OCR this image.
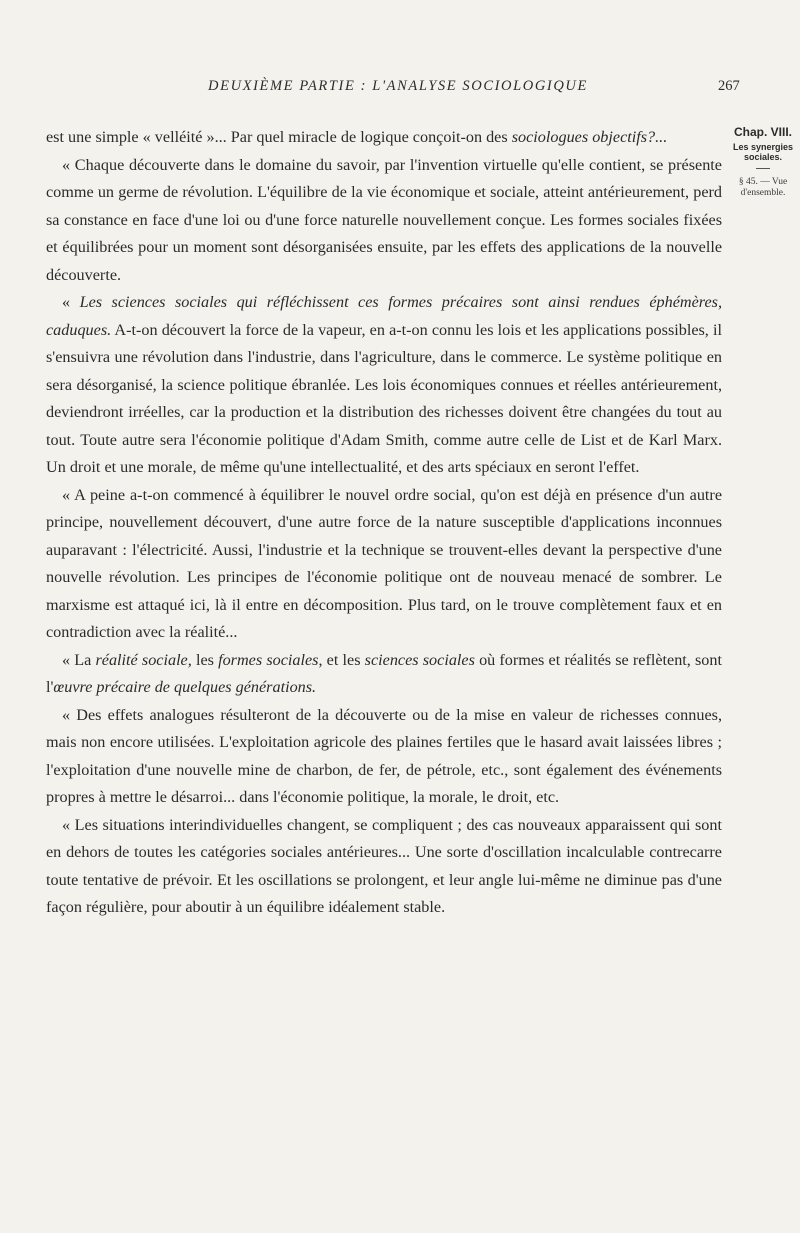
DEUXIÈME PARTIE : L'ANALYSE SOCIOLOGIQUE	267

est une simple « velléité »... Par quel miracle de logique conçoit-on des sociologues objectifs?...

« Chaque découverte dans le domaine du savoir, par l'invention virtuelle qu'elle contient, se présente comme un germe de révolution. L'équilibre de la vie économique et sociale, atteint antérieurement, perd sa constance en face d'une loi ou d'une force naturelle nouvellement conçue. Les formes sociales fixées et équilibrées pour un moment sont désorganisées ensuite, par les effets des applications de la nouvelle découverte.

« Les sciences sociales qui réfléchissent ces formes précaires sont ainsi rendues éphémères, caduques. A-t-on découvert la force de la vapeur, en a-t-on connu les lois et les applications possibles, il s'ensuivra une révolution dans l'industrie, dans l'agriculture, dans le commerce. Le système politique en sera désorganisé, la science politique ébranlée. Les lois économiques connues et réelles antérieurement, deviendront irréelles, car la production et la distribution des richesses doivent être changées du tout au tout. Toute autre sera l'économie politique d'Adam Smith, comme autre celle de List et de Karl Marx. Un droit et une morale, de même qu'une intellectualité, et des arts spéciaux en seront l'effet.

« A peine a-t-on commencé à équilibrer le nouvel ordre social, qu'on est déjà en présence d'un autre principe, nouvellement découvert, d'une autre force de la nature susceptible d'applications inconnues auparavant : l'électricité. Aussi, l'industrie et la technique se trouvent-elles devant la perspective d'une nouvelle révolution. Les principes de l'économie politique ont de nouveau menacé de sombrer. Le marxisme est attaqué ici, là il entre en décomposition. Plus tard, on le trouve complètement faux et en contradiction avec la réalité...

« La réalité sociale, les formes sociales, et les sciences sociales où formes et réalités se reflètent, sont l'œuvre précaire de quelques générations.

« Des effets analogues résulteront de la découverte ou de la mise en valeur de richesses connues, mais non encore utilisées. L'exploitation agricole des plaines fertiles que le hasard avait laissées libres ; l'exploitation d'une nouvelle mine de charbon, de fer, de pétrole, etc., sont également des événements propres à mettre le désarroi... dans l'économie politique, la morale, le droit, etc.

« Les situations interindividuelles changent, se compliquent ; des cas nouveaux apparaissent qui sont en dehors de toutes les catégories sociales antérieures... Une sorte d'oscillation incalculable contrecarre toute tentative de prévoir. Et les oscillations se prolongent, et leur angle lui-même ne diminue pas d'une façon régulière, pour aboutir à un équilibre idéalement stable.

Chap. VIII.
Les synergies sociales.
§ 45. — Vue d'ensemble.
